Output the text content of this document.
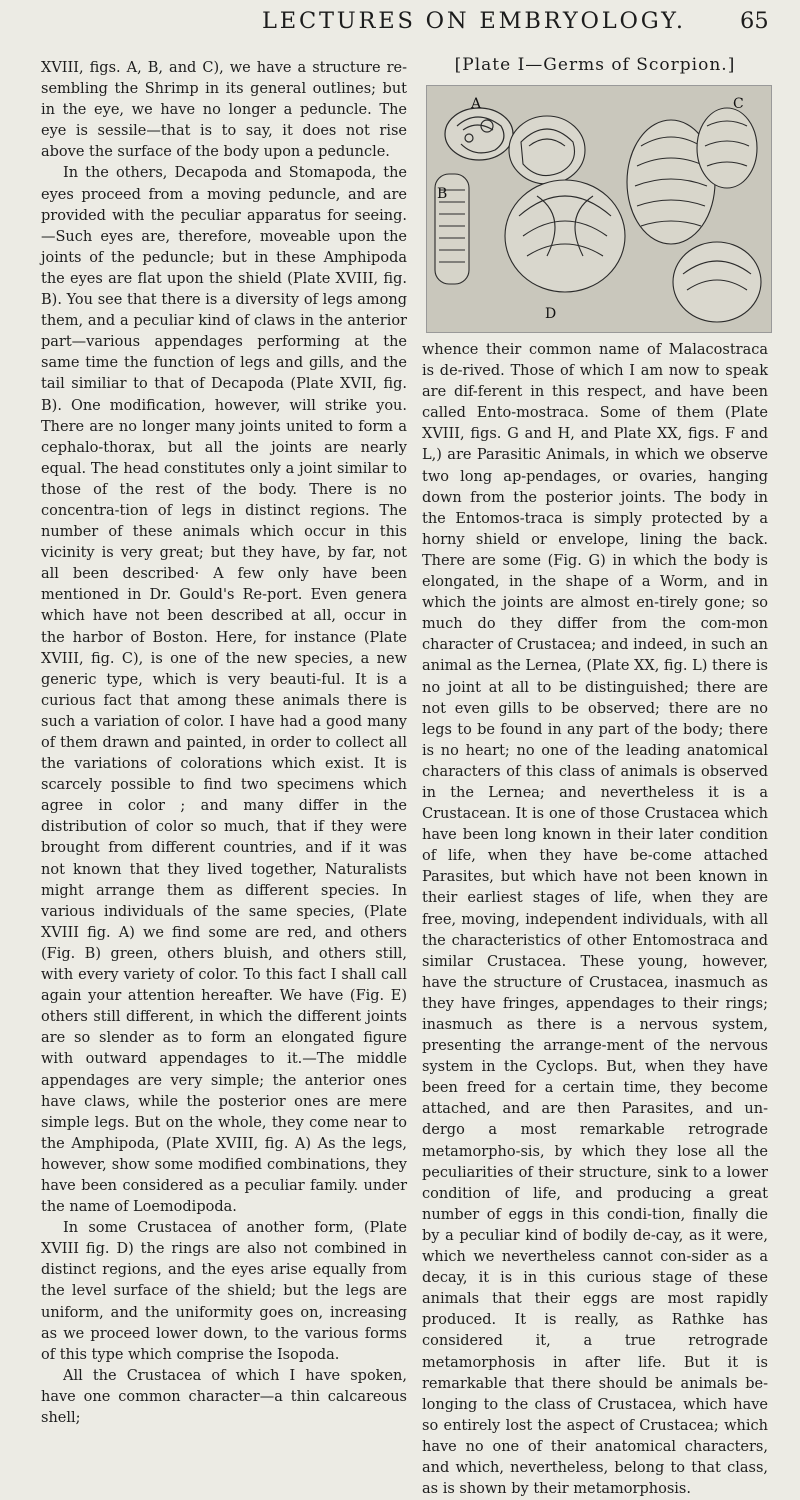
LECTURES ON EMBRYOLOGY. 65

XVIII, figs. A, B, and C), we have a structure re-sembling the Shrimp in its general outlines; but in the eye, we have no longer a peduncle. The eye is sessile—that is to say, it does not rise above the surface of the body upon a peduncle.

In the others, Decapoda and Stomapoda, the eyes proceed from a moving peduncle, and are provided with the peculiar apparatus for seeing.—Such eyes are, therefore, moveable upon the joints of the peduncle; but in these Amphipoda the eyes are flat upon the shield (Plate XVIII, fig. B). You see that there is a diversity of legs among them, and a peculiar kind of claws in the anterior part—various appendages performing at the same time the function of legs and gills, and the tail similiar to that of Decapoda (Plate XVII, fig. B). One modification, however, will strike you. There are no longer many joints united to form a cephalo-thorax, but all the joints are nearly equal. The head constitutes only a joint similar to those of the rest of the body. There is no concentra-tion of legs in distinct regions. The number of these animals which occur in this vicinity is very great; but they have, by far, not all been described· A few only have been mentioned in Dr. Gould's Re-port. Even genera which have not been described at all, occur in the harbor of Boston. Here, for instance (Plate XVIII, fig. C), is one of the new species, a new generic type, which is very beauti-ful. It is a curious fact that among these animals there is such a variation of color. I have had a good many of them drawn and painted, in order to collect all the variations of colorations which exist. It is scarcely possible to find two specimens which agree in color ; and many differ in the distribution of color so much, that if they were brought from different countries, and if it was not known that they lived together, Naturalists might arrange them as different species. In various individuals of the same species, (Plate XVIII fig. A) we find some are red, and others (Fig. B) green, others bluish, and others still, with every variety of color. To this fact I shall call again your attention hereafter. We have (Fig. E) others still different, in which the different joints are so slender as to form an elongated figure with outward appendages to it.—The middle appendages are very simple; the anterior ones have claws, while the posterior ones are mere simple legs. But on the whole, they come near to the Amphipoda, (Plate XVIII, fig. A) As the legs, however, show some modified combinations, they have been considered as a peculiar family. under the name of Loemodipoda.

In some Crustacea of another form, (Plate XVIII fig. D) the rings are also not combined in distinct regions, and the eyes arise equally from the level surface of the shield; but the legs are uniform, and the uniformity goes on, increasing as we proceed lower down, to the various forms of this type which comprise the Isopoda.

All the Crustacea of which I have spoken, have one common character—a thin calcareous shell;

[Plate I—Germs of Scorpion.]
A
B
C
D

whence their common name of Malacostraca is de-rived. Those of which I am now to speak are dif-ferent in this respect, and have been called Ento-mostraca. Some of them (Plate XVIII, figs. G and H, and Plate XX, figs. F and L,) are Parasitic Animals, in which we observe two long ap-pendages, or ovaries, hanging down from the posterior joints. The body in the Entomos-traca is simply protected by a horny shield or envelope, lining the back. There are some (Fig. G) in which the body is elongated, in the shape of a Worm, and in which the joints are almost en-tirely gone; so much do they differ from the com-mon character of Crustacea; and indeed, in such an animal as the Lernea, (Plate XX, fig. L) there is no joint at all to be distinguished; there are not even gills to be observed; there are no legs to be found in any part of the body; there is no heart; no one of the leading anatomical characters of this class of animals is observed in the Lernea; and nevertheless it is a Crustacean. It is one of those Crustacea which have been long known in their later condition of life, when they have be-come attached Parasites, but which have not been known in their earliest stages of life, when they are free, moving, independent individuals, with all the characteristics of other Entomostraca and similar Crustacea. These young, however, have the structure of Crustacea, inasmuch as they have fringes, appendages to their rings; inasmuch as there is a nervous system, presenting the arrange-ment of the nervous system in the Cyclops. But, when they have been freed for a certain time, they become attached, and are then Parasites, and un-dergo a most remarkable retrograde metamorpho-sis, by which they lose all the peculiarities of their structure, sink to a lower condition of life, and producing a great number of eggs in this condi-tion, finally die by a peculiar kind of bodily de-cay, as it were, which we nevertheless cannot con-sider as a decay, it is in this curious stage of these animals that their eggs are most rapidly produced. It is really, as Rathke has considered it, a true retrograde metamorphosis in after life. But it is remarkable that there should be animals be-longing to the class of Crustacea, which have so entirely lost the aspect of Crustacea; which have no one of their anatomical characters, and which, nevertheless, belong to that class, as is shown by their metamorphosis.
